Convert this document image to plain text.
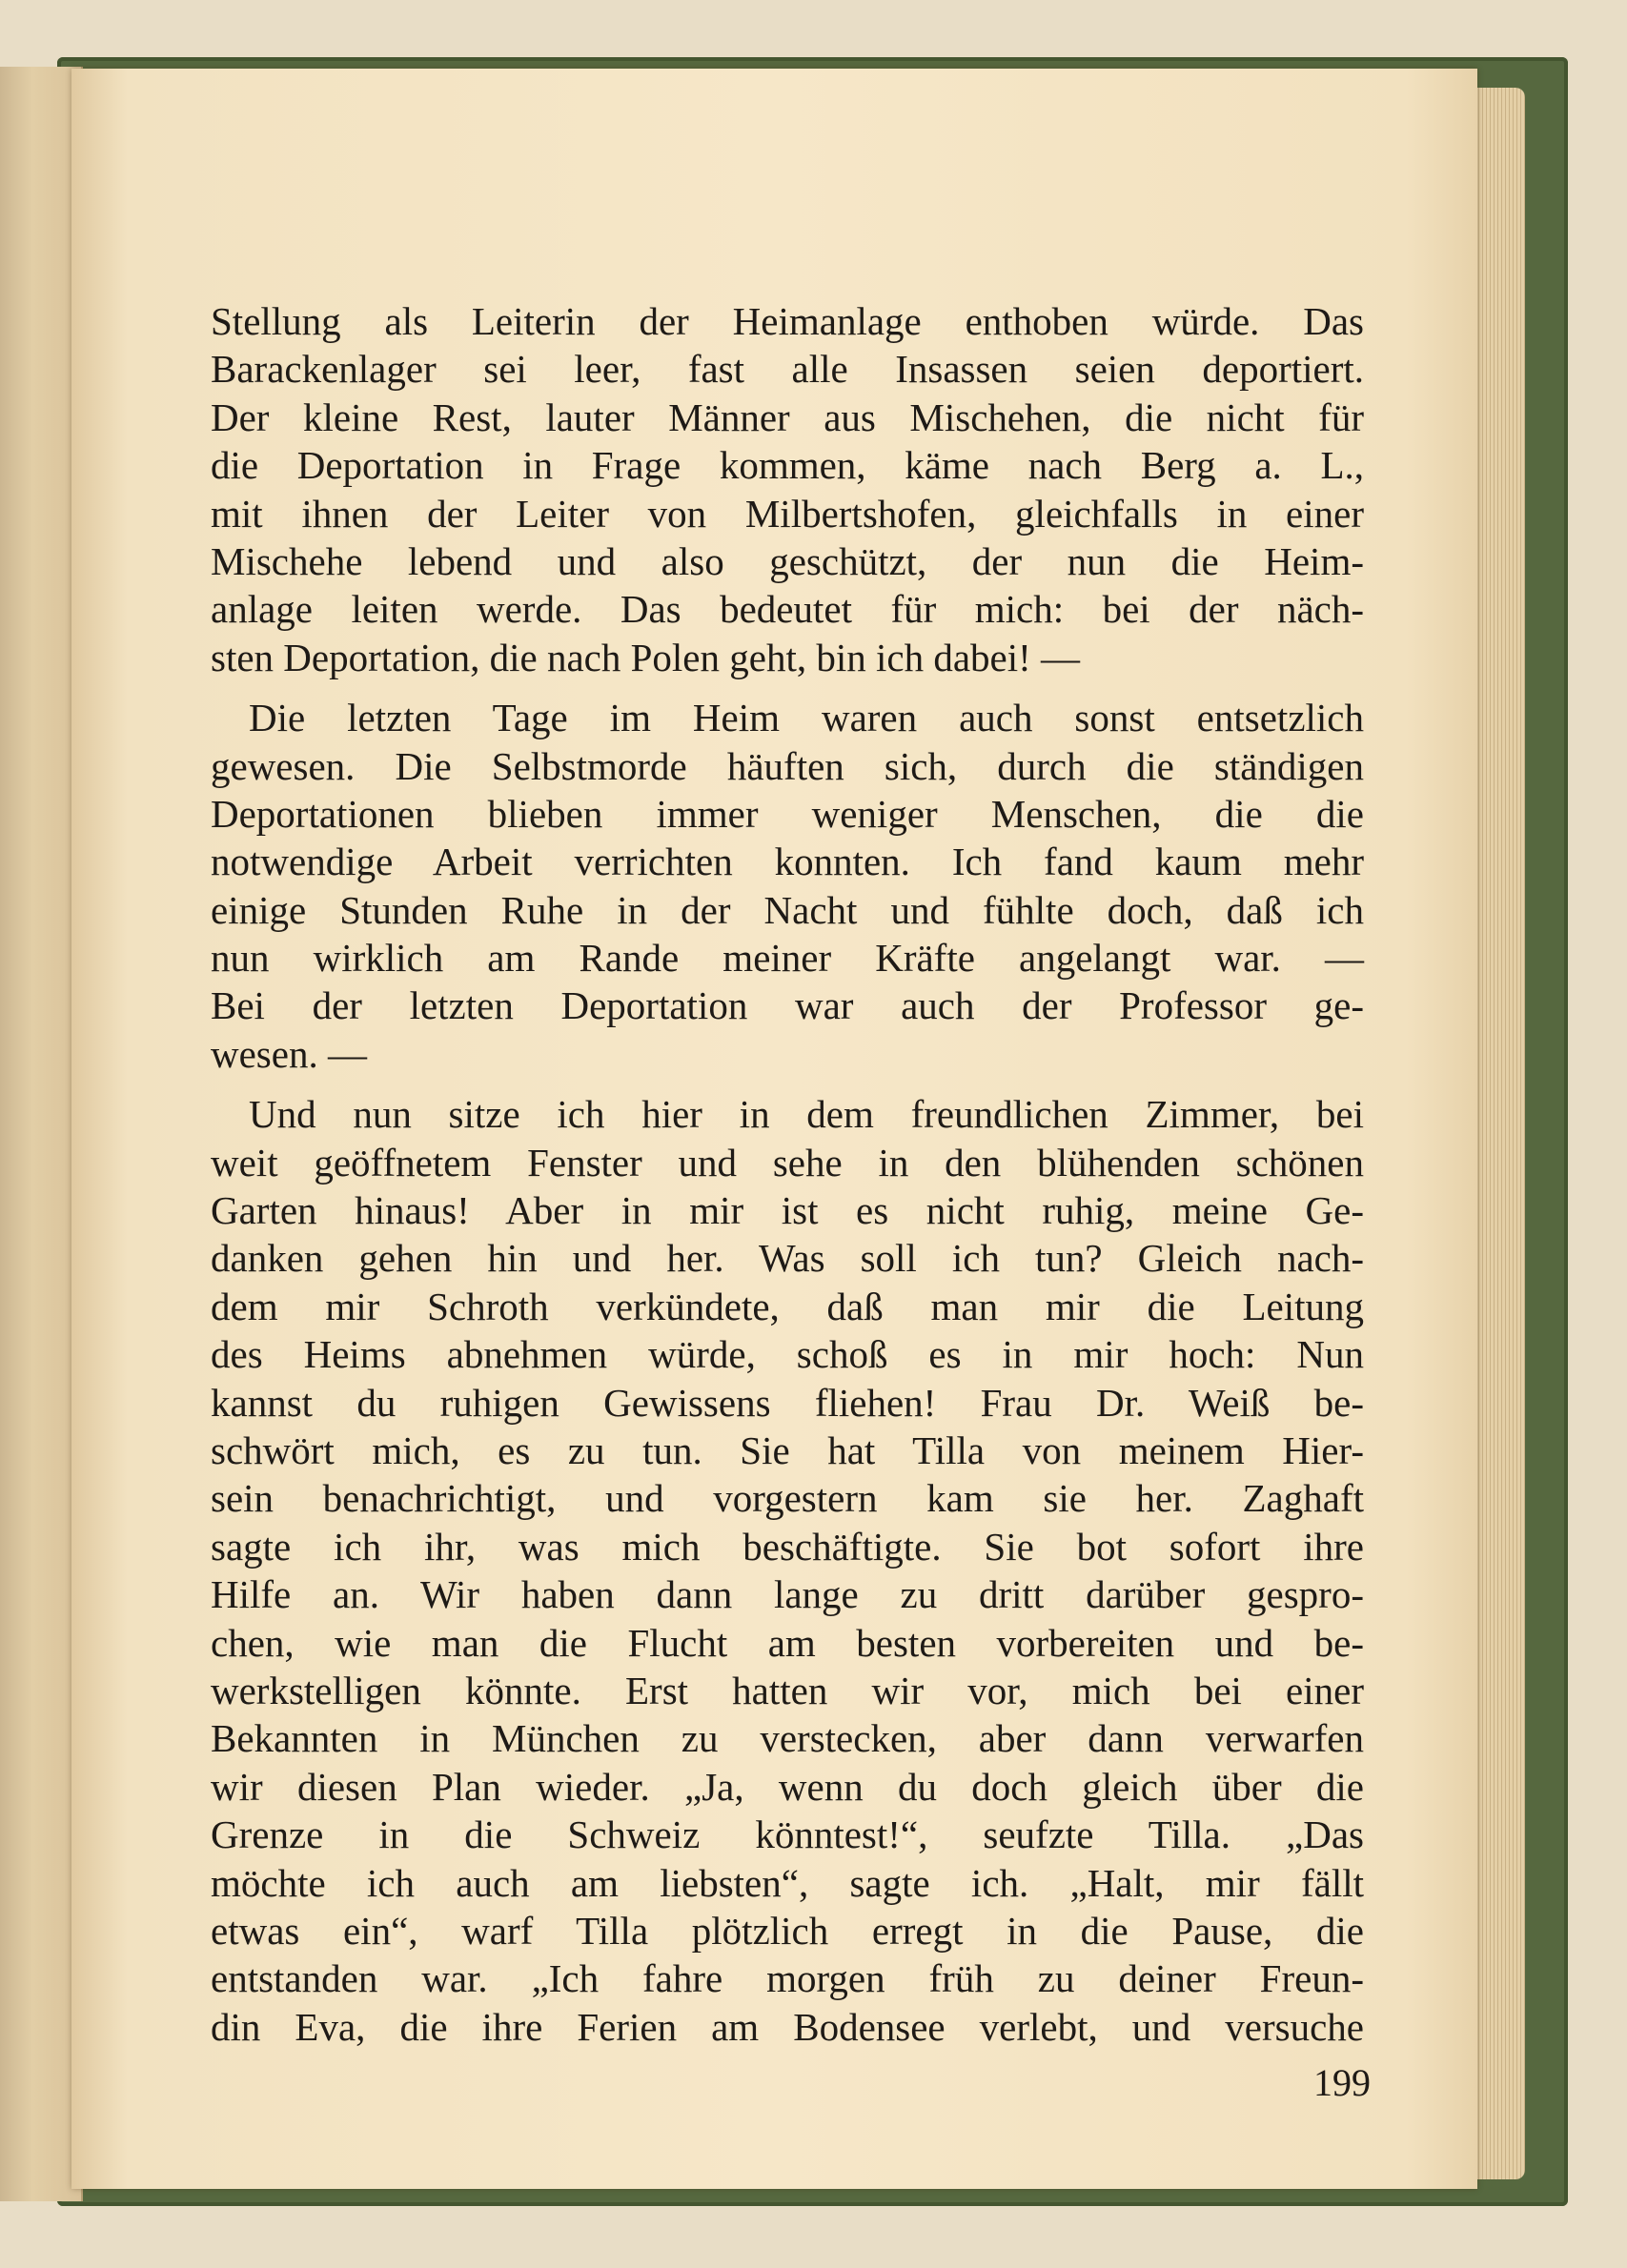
Stellung als Leiterin der Heimanlage enthoben würde. Das
Barackenlager sei leer, fast alle Insassen seien deportiert.
Der kleine Rest, lauter Männer aus Mischehen, die nicht für
die Deportation in Frage kommen, käme nach Berg a. L.,
mit ihnen der Leiter von Milbertshofen, gleichfalls in einer
Mischehe lebend und also geschützt, der nun die Heim-
anlage leiten werde. Das bedeutet für mich: bei der näch-
sten Deportation, die nach Polen geht, bin ich dabei! —
Die letzten Tage im Heim waren auch sonst entsetzlich
gewesen. Die Selbstmorde häuften sich, durch die ständigen
Deportationen blieben immer weniger Menschen, die die
notwendige Arbeit verrichten konnten. Ich fand kaum mehr
einige Stunden Ruhe in der Nacht und fühlte doch, daß ich
nun wirklich am Rande meiner Kräfte angelangt war. —
Bei der letzten Deportation war auch der Professor ge-
wesen. —
Und nun sitze ich hier in dem freundlichen Zimmer, bei
weit geöffnetem Fenster und sehe in den blühenden schönen
Garten hinaus! Aber in mir ist es nicht ruhig, meine Ge-
danken gehen hin und her. Was soll ich tun? Gleich nach-
dem mir Schroth verkündete, daß man mir die Leitung
des Heims abnehmen würde, schoß es in mir hoch: Nun
kannst du ruhigen Gewissens fliehen! Frau Dr. Weiß be-
schwört mich, es zu tun. Sie hat Tilla von meinem Hier-
sein benachrichtigt, und vorgestern kam sie her. Zaghaft
sagte ich ihr, was mich beschäftigte. Sie bot sofort ihre
Hilfe an. Wir haben dann lange zu dritt darüber gespro-
chen, wie man die Flucht am besten vorbereiten und be-
werkstelligen könnte. Erst hatten wir vor, mich bei einer
Bekannten in München zu verstecken, aber dann verwarfen
wir diesen Plan wieder. „Ja, wenn du doch gleich über die
Grenze in die Schweiz könntest!“, seufzte Tilla. „Das
möchte ich auch am liebsten“, sagte ich. „Halt, mir fällt
etwas ein“, warf Tilla plötzlich erregt in die Pause, die
entstanden war. „Ich fahre morgen früh zu deiner Freun-
din Eva, die ihre Ferien am Bodensee verlebt, und versuche
199
